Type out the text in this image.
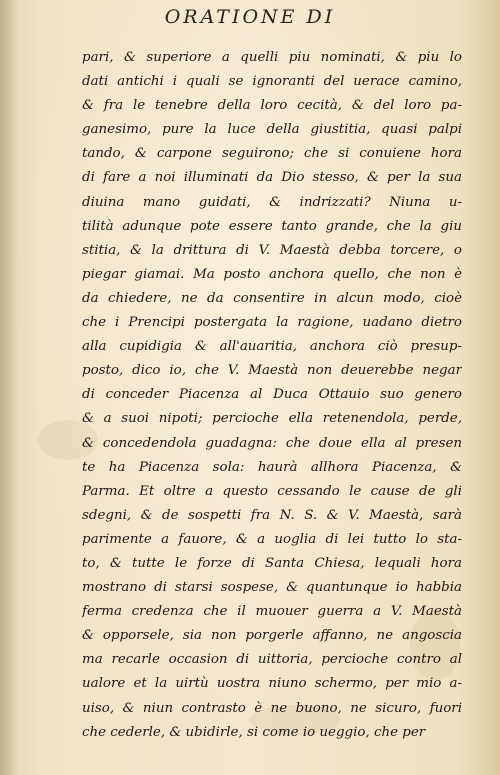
ORATIONE DI
pari, & superiore a quelli piu nominati, & piu lo
dati antichi i quali se ignoranti del uerace camino,
& fra le tenebre della loro cecità, & del loro pa-
ganesimo, pure la luce della giustitia, quasi palpi
tando, & carpone seguirono; che si conuiene hora
di fare a noi illuminati da Dio stesso, & per la sua
diuina mano guidati, & indrizzati? Niuna u-
tilità adunque pote essere tanto grande, che la giu
stitia, & la drittura di V. Maestà debba torcere, o
piegar giamai. Ma posto anchora quello, che non è
da chiedere, ne da consentire in alcun modo, cioè
che i Prencipi postergata la ragione, uadano dietro
alla cupidigia & all'auaritia, anchora ciò presup-
posto, dico io, che V. Maestà non deuerebbe negar
di conceder Piacenza al Duca Ottauio suo genero
& a suoi nipoti; percioche ella retenendola, perde,
& concedendola guadagna: che doue ella al presen
te ha Piacenza sola: haurà allhora Piacenza, &
Parma. Et oltre a questo cessando le cause de gli
sdegni, & de sospetti fra N. S. & V. Maestà, sarà
parimente a fauore, & a uoglia di lei tutto lo sta-
to, & tutte le forze di Santa Chiesa, lequali hora
mostrano di starsi sospese, & quantunque io habbia
ferma credenza che il muouer guerra a V. Maestà
& opporsele, sia non porgerle affanno, ne angoscia
ma recarle occasion di uittoria, percioche contro al
ualore et la uirtù uostra niuno schermo, per mio a-
uiso, & niun contrasto è ne buono, ne sicuro, fuori
che cederle, & ubidirle, si come io ueggio, che per
